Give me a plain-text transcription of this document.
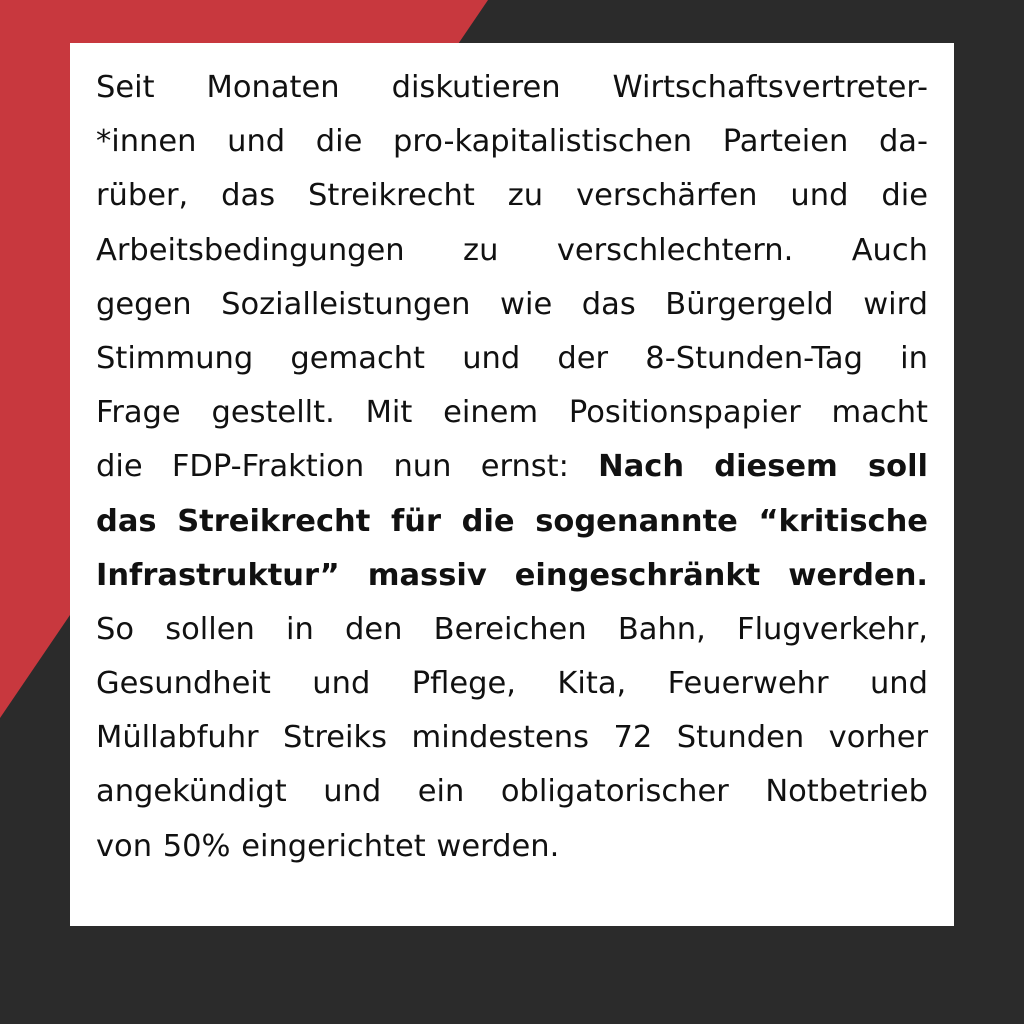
Seit Monaten diskutieren Wirtschaftsvertreter-
*innen und die pro-kapitalistischen Parteien da-
rüber, das Streikrecht zu verschärfen und die
Arbeitsbedingungen zu verschlechtern. Auch
gegen Sozialleistungen wie das Bürgergeld wird
Stimmung gemacht und der 8-Stunden-Tag in
Frage gestellt. Mit einem Positionspapier macht
die FDP-Fraktion nun ernst: Nach diesem soll
das Streikrecht für die sogenannte “kritische
Infrastruktur” massiv eingeschränkt werden.
So sollen in den Bereichen Bahn, Flugverkehr,
Gesundheit und Pflege, Kita, Feuerwehr und
Müllabfuhr Streiks mindestens 72 Stunden vorher
angekündigt und ein obligatorischer Notbetrieb
von 50% eingerichtet werden.
